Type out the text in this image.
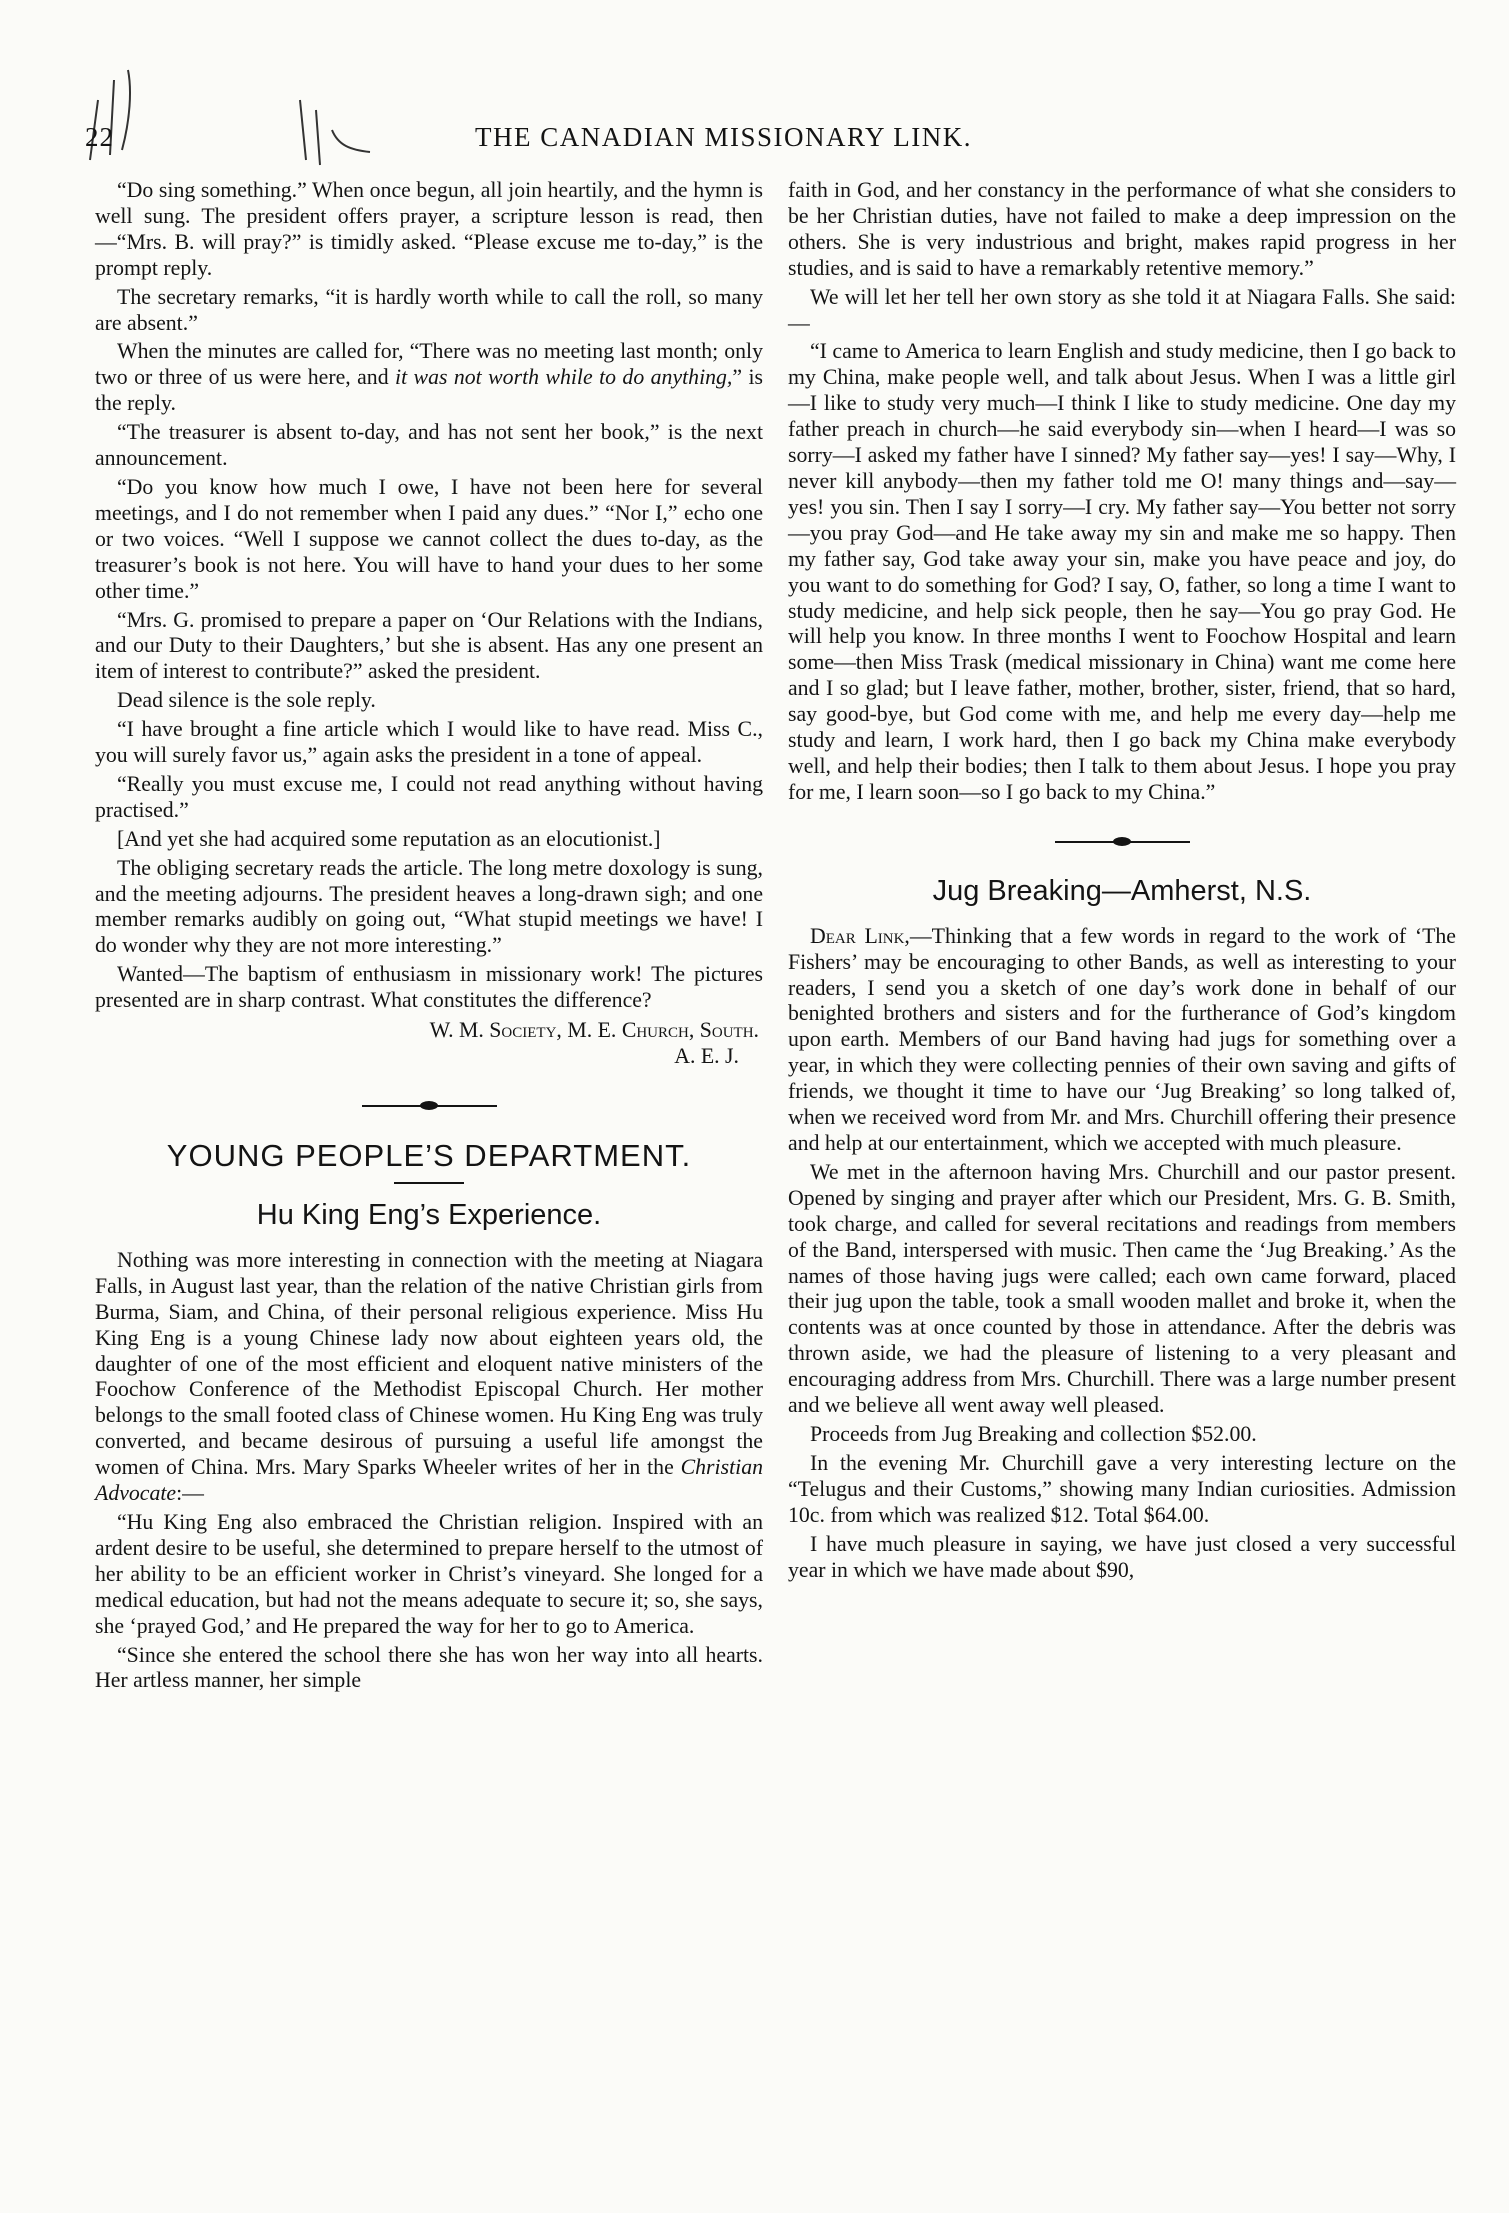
22	THE CANADIAN MISSIONARY LINK.

“Do sing something.” When once begun, all join heartily, and the hymn is well sung. The president offers prayer, a scripture lesson is read, then—“Mrs. B. will pray?” is timidly asked. “Please excuse me to-day,” is the prompt reply.

The secretary remarks, “it is hardly worth while to call the roll, so many are absent.”

When the minutes are called for, “There was no meeting last month; only two or three of us were here, and it was not worth while to do anything,” is the reply.

“The treasurer is absent to-day, and has not sent her book,” is the next announcement.

“Do you know how much I owe, I have not been here for several meetings, and I do not remember when I paid any dues.” “Nor I,” echo one or two voices. “Well I suppose we cannot collect the dues to-day, as the treasurer’s book is not here. You will have to hand your dues to her some other time.”

“Mrs. G. promised to prepare a paper on ‘Our Relations with the Indians, and our Duty to their Daughters,’ but she is absent. Has any one present an item of interest to contribute?” asked the president.

Dead silence is the sole reply.

“I have brought a fine article which I would like to have read. Miss C., you will surely favor us,” again asks the president in a tone of appeal.

“Really you must excuse me, I could not read anything without having practised.”

[And yet she had acquired some reputation as an elocutionist.]

The obliging secretary reads the article. The long metre doxology is sung, and the meeting adjourns. The president heaves a long-drawn sigh; and one member remarks audibly on going out, “What stupid meetings we have! I do wonder why they are not more interesting.”

Wanted—The baptism of enthusiasm in missionary work! The pictures presented are in sharp contrast. What constitutes the difference?

W. M. Society, M. E. Church, South.
A. E. J.
YOUNG PEOPLE’S DEPARTMENT.
Hu King Eng’s Experience.

Nothing was more interesting in connection with the meeting at Niagara Falls, in August last year, than the relation of the native Christian girls from Burma, Siam, and China, of their personal religious experience. Miss Hu King Eng is a young Chinese lady now about eighteen years old, the daughter of one of the most efficient and eloquent native ministers of the Foochow Conference of the Methodist Episcopal Church. Her mother belongs to the small footed class of Chinese women. Hu King Eng was truly converted, and became desirous of pursuing a useful life amongst the women of China. Mrs. Mary Sparks Wheeler writes of her in the Christian Advocate:—

“Hu King Eng also embraced the Christian religion. Inspired with an ardent desire to be useful, she determined to prepare herself to the utmost of her ability to be an efficient worker in Christ’s vineyard. She longed for a medical education, but had not the means adequate to secure it; so, she says, she ‘prayed God,’ and He prepared the way for her to go to America.

“Since she entered the school there she has won her way into all hearts. Her artless manner, her simple

faith in God, and her constancy in the performance of what she considers to be her Christian duties, have not failed to make a deep impression on the others. She is very industrious and bright, makes rapid progress in her studies, and is said to have a remarkably retentive memory.”

We will let her tell her own story as she told it at Niagara Falls. She said:—

“I came to America to learn English and study medicine, then I go back to my China, make people well, and talk about Jesus. When I was a little girl—I like to study very much—I think I like to study medicine. One day my father preach in church—he said everybody sin—when I heard—I was so sorry—I asked my father have I sinned? My father say—yes! I say—Why, I never kill anybody—then my father told me O! many things and—say—yes! you sin. Then I say I sorry—I cry. My father say—You better not sorry—you pray God—and He take away my sin and make me so happy. Then my father say, God take away your sin, make you have peace and joy, do you want to do something for God? I say, O, father, so long a time I want to study medicine, and help sick people, then he say—You go pray God. He will help you know. In three months I went to Foochow Hospital and learn some—then Miss Trask (medical missionary in China) want me come here and I so glad; but I leave father, mother, brother, sister, friend, that so hard, say good-bye, but God come with me, and help me every day—help me study and learn, I work hard, then I go back my China make everybody well, and help their bodies; then I talk to them about Jesus. I hope you pray for me, I learn soon—so I go back to my China.”

Jug Breaking—Amherst, N.S.

Dear Link,—Thinking that a few words in regard to the work of ‘The Fishers’ may be encouraging to other Bands, as well as interesting to your readers, I send you a sketch of one day’s work done in behalf of our benighted brothers and sisters and for the furtherance of God’s kingdom upon earth. Members of our Band having had jugs for something over a year, in which they were collecting pennies of their own saving and gifts of friends, we thought it time to have our ‘Jug Breaking’ so long talked of, when we received word from Mr. and Mrs. Churchill offering their presence and help at our entertainment, which we accepted with much pleasure.

We met in the afternoon having Mrs. Churchill and our pastor present. Opened by singing and prayer after which our President, Mrs. G. B. Smith, took charge, and called for several recitations and readings from members of the Band, interspersed with music. Then came the ‘Jug Breaking.’ As the names of those having jugs were called; each own came forward, placed their jug upon the table, took a small wooden mallet and broke it, when the contents was at once counted by those in attendance. After the debris was thrown aside, we had the pleasure of listening to a very pleasant and encouraging address from Mrs. Churchill. There was a large number present and we believe all went away well pleased.

Proceeds from Jug Breaking and collection $52.00.

In the evening Mr. Churchill gave a very interesting lecture on the “Telugus and their Customs,” showing many Indian curiosities. Admission 10c. from which was realized $12. Total $64.00.

I have much pleasure in saying, we have just closed a very successful year in which we have made about $90,
